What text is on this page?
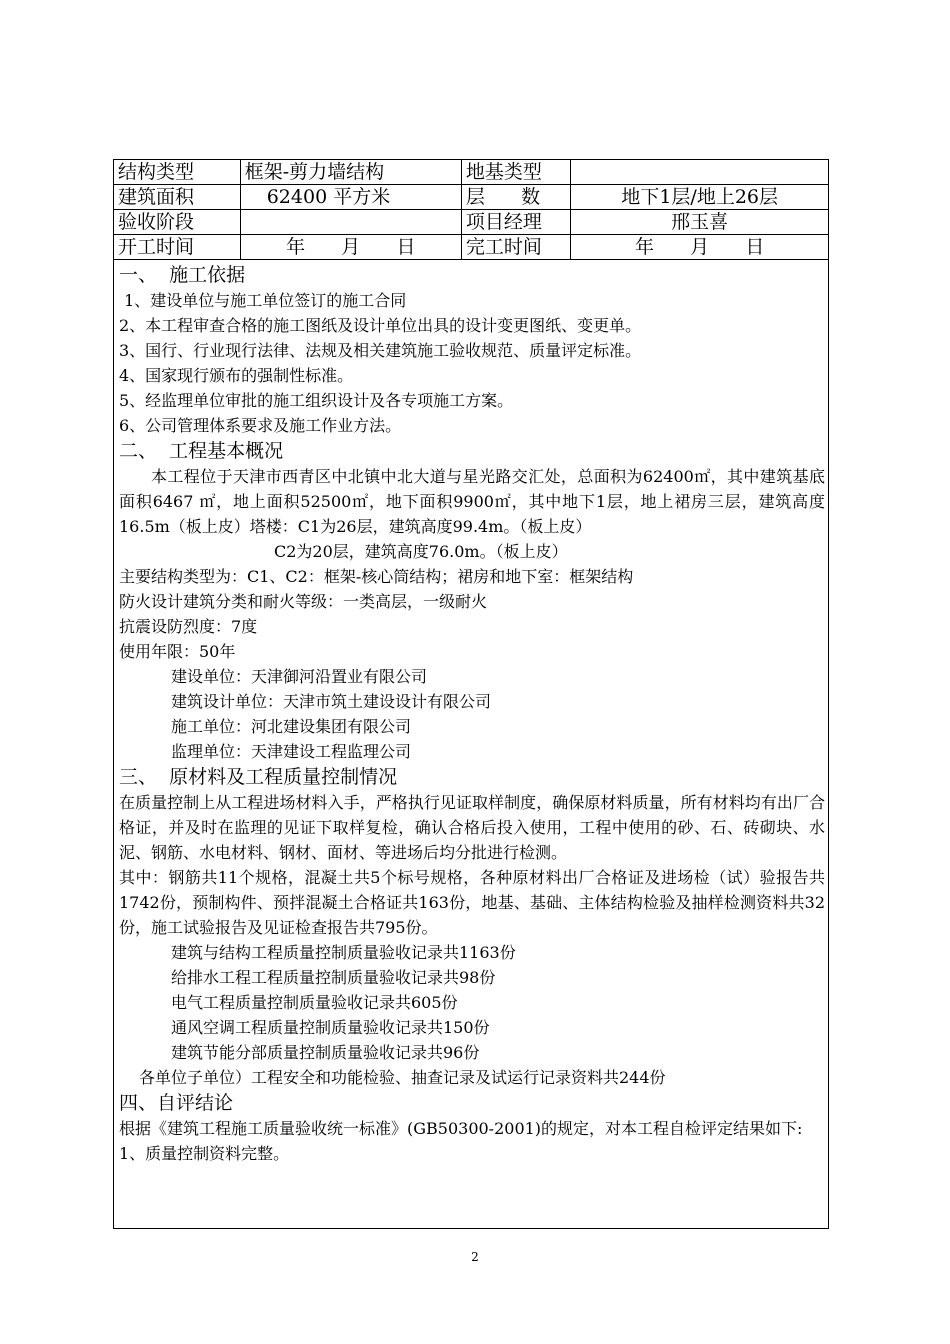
结构类型	框架-剪力墙结构	地基类型	
建筑面积	62400 平方米	层      数	地下1层/地上26层
验收阶段		项目经理	邢玉喜
开工时间	年      月      日	完工时间	年      月      日
一、  施工依据
1、建设单位与施工单位签订的施工合同
2、本工程审查合格的施工图纸及设计单位出具的设计变更图纸、变更单。
3、国行、行业现行法律、法规及相关建筑施工验收规范、质量评定标准。
4、国家现行颁布的强制性标准。
5、经监理单位审批的施工组织设计及各专项施工方案。
6、公司管理体系要求及施工作业方法。
二、  工程基本概况
本工程位于天津市西青区中北镇中北大道与星光路交汇处，总面积为62400㎡，其中建筑基底面积6467 ㎡，地上面积52500㎡，地下面积9900㎡，其中地下1层，地上裙房三层，建筑高度16.5m（板上皮）塔楼：C1为26层，建筑高度99.4m。（板上皮）
C2为20层，建筑高度76.0m。（板上皮）
主要结构类型为：C1、C2：框架-核心筒结构；裙房和地下室：框架结构
防火设计建筑分类和耐火等级：一类高层，一级耐火
抗震设防烈度：7度
使用年限：50年
建设单位：天津御河沿置业有限公司
建筑设计单位：天津市筑土建设设计有限公司
施工单位：河北建设集团有限公司
监理单位：天津建设工程监理公司
三、  原材料及工程质量控制情况
在质量控制上从工程进场材料入手，严格执行见证取样制度，确保原材料质量，所有材料均有出厂合格证，并及时在监理的见证下取样复检，确认合格后投入使用，工程中使用的砂、石、砖砌块、水泥、钢筋、水电材料、钢材、面材、等进场后均分批进行检测。
其中：钢筋共11个规格，混凝土共5个标号规格，各种原材料出厂合格证及进场检（试）验报告共1742份，预制构件、预拌混凝土合格证共163份，地基、基础、主体结构检验及抽样检测资料共32份，施工试验报告及见证检查报告共795份。
建筑与结构工程质量控制质量验收记录共1163份
给排水工程工程质量控制质量验收记录共98份
电气工程质量控制质量验收记录共605份
通风空调工程质量控制质量验收记录共150份
建筑节能分部质量控制质量验收记录共96份
各单位子单位）工程安全和功能检验、抽查记录及试运行记录资料共244份
四、自评结论
根据《建筑工程施工质量验收统一标准》(GB50300-2001)的规定，对本工程自检评定结果如下:
1、质量控制资料完整。
2
